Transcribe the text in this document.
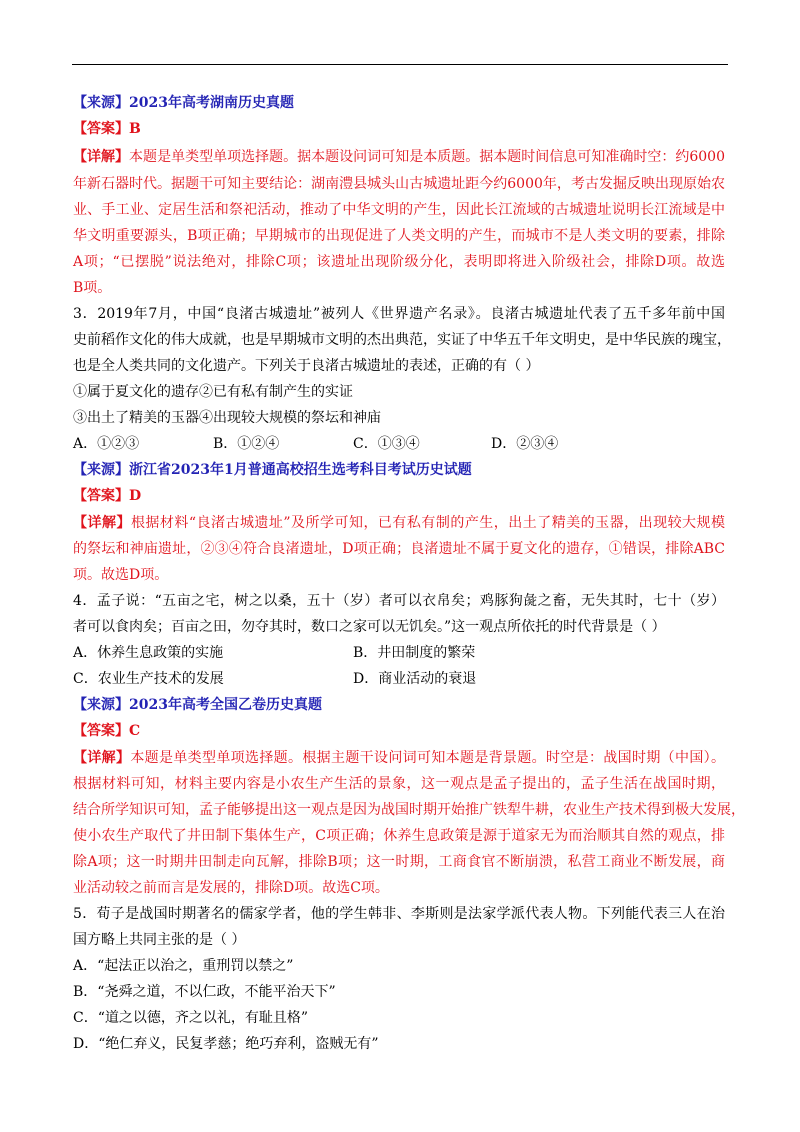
【来源】2023年高考湖南历史真题
【答案】B
【详解】本题是单类型单项选择题。据本题设问词可知是本质题。据本题时间信息可知准确时空：约6000
年新石器时代。据题干可知主要结论：湖南澧县城头山古城遗址距今约6000年，考古发掘反映出现原始农
业、手工业、定居生活和祭祀活动，推动了中华文明的产生，因此长江流域的古城遗址说明长江流域是中
华文明重要源头，B项正确；早期城市的出现促进了人类文明的产生，而城市不是人类文明的要素，排除
A项；“已摆脱”说法绝对，排除C项；该遗址出现阶级分化，表明即将进入阶级社会，排除D项。故选
B项。
3．2019年7月，中国“良渚古城遗址”被列人《世界遗产名录》。良渚古城遗址代表了五千多年前中国
史前稻作文化的伟大成就，也是早期城市文明的杰出典范，实证了中华五千年文明史，是中华民族的瑰宝，
也是全人类共同的文化遗产。下列关于良渚古城遗址的表述，正确的有（ ）
①属于夏文化的遗存②已有私有制产生的实证
③出土了精美的玉器④出现较大规模的祭坛和神庙
A．①②③	B．①②④	C．①③④	D．②③④
【来源】浙江省2023年1月普通高校招生选考科目考试历史试题
【答案】D
【详解】根据材料“良渚古城遗址”及所学可知，已有私有制的产生，出土了精美的玉器，出现较大规模
的祭坛和神庙遗址，②③④符合良渚遗址，D项正确；良渚遗址不属于夏文化的遗存，①错误，排除ABC
项。故选D项。
4．孟子说：“五亩之宅，树之以桑，五十（岁）者可以衣帛矣；鸡豚狗彘之畜，无失其时，七十（岁）
者可以食肉矣；百亩之田，勿夺其时，数口之家可以无饥矣。”这一观点所依托的时代背景是（ ）
A．休养生息政策的实施	B．井田制度的繁荣
C．农业生产技术的发展	D．商业活动的衰退
【来源】2023年高考全国乙卷历史真题
【答案】C
【详解】本题是单类型单项选择题。根据主题干设问词可知本题是背景题。时空是：战国时期（中国）。
根据材料可知，材料主要内容是小农生产生活的景象，这一观点是孟子提出的，孟子生活在战国时期，
结合所学知识可知，孟子能够提出这一观点是因为战国时期开始推广铁犁牛耕，农业生产技术得到极大发展，
使小农生产取代了井田制下集体生产，C项正确；休养生息政策是源于道家无为而治顺其自然的观点，排
除A项；这一时期井田制走向瓦解，排除B项；这一时期，工商食官不断崩溃，私营工商业不断发展，商
业活动较之前而言是发展的，排除D项。故选C项。
5．荀子是战国时期著名的儒家学者，他的学生韩非、李斯则是法家学派代表人物。下列能代表三人在治
国方略上共同主张的是（ ）
A．“起法正以治之，重刑罚以禁之”
B．“尧舜之道，不以仁政，不能平治天下”
C．“道之以德，齐之以礼，有耻且格”
D．“绝仁弃义，民复孝慈；绝巧弃利，盗贼无有”
